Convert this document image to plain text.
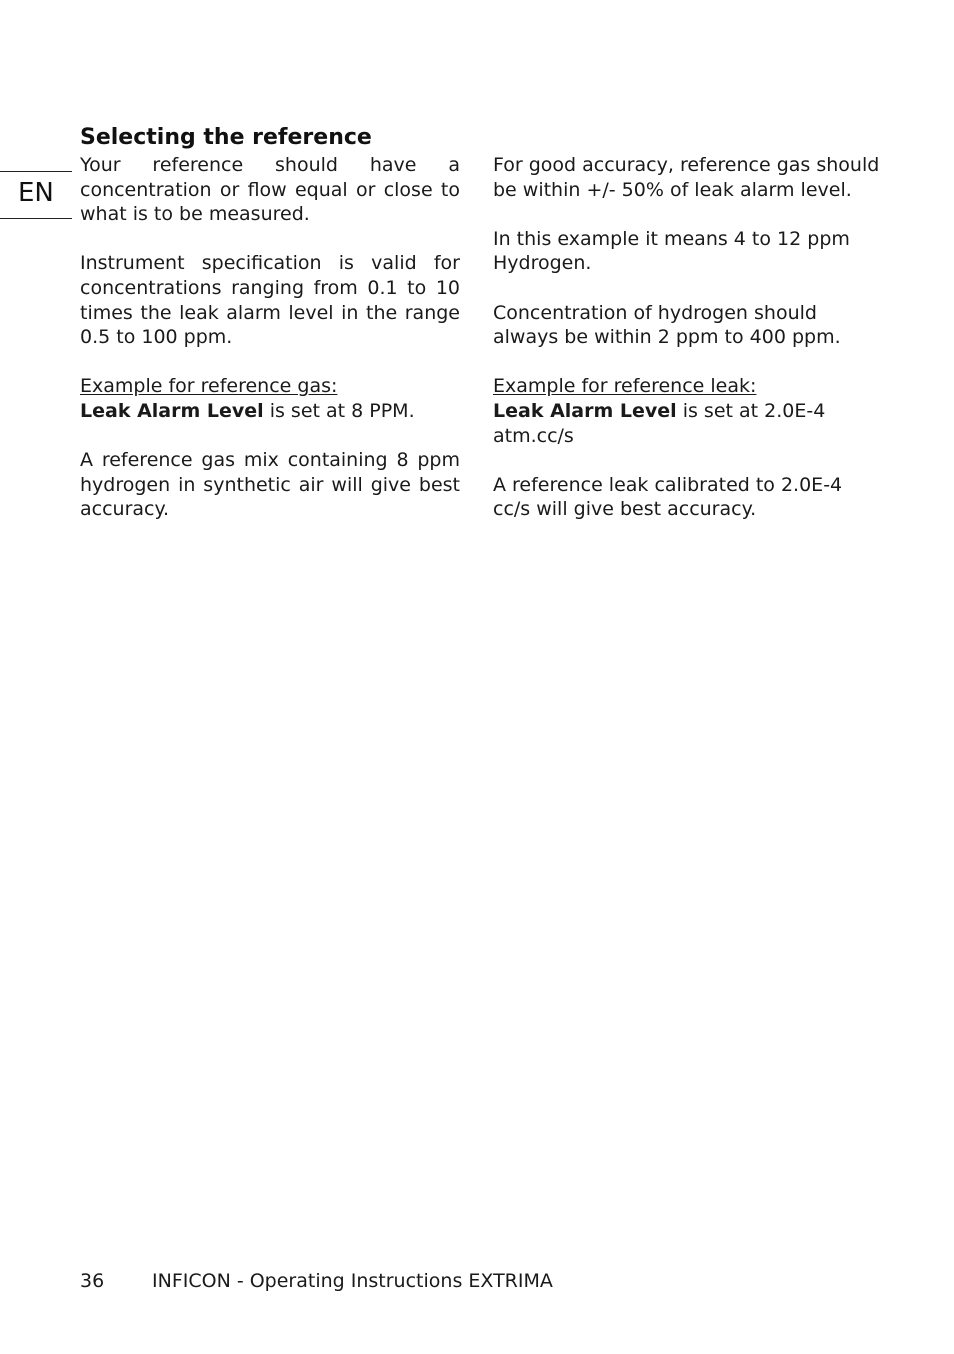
EN
Selecting the reference

Your reference should have a concentration or flow equal or close to what is to be measured.

Instrument specification is valid for concentrations ranging from 0.1 to 10 times the leak alarm level in the range 0.5 to 100 ppm.

Example for reference gas:

Leak Alarm Level is set at 8 PPM.

A reference gas mix containing 8 ppm hydrogen in synthetic air will give best accuracy.

For good accuracy, reference gas should be within +/- 50% of leak alarm level.

In this example it means 4 to 12 ppm Hydrogen.

Concentration of hydrogen should always be within 2 ppm to 400 ppm.

Example for reference leak:

Leak Alarm Level is set at 2.0E-4 atm.cc/s

A reference leak calibrated to 2.0E-4 cc/s will give best accuracy.

36	INFICON - Operating Instructions EXTRIMA
